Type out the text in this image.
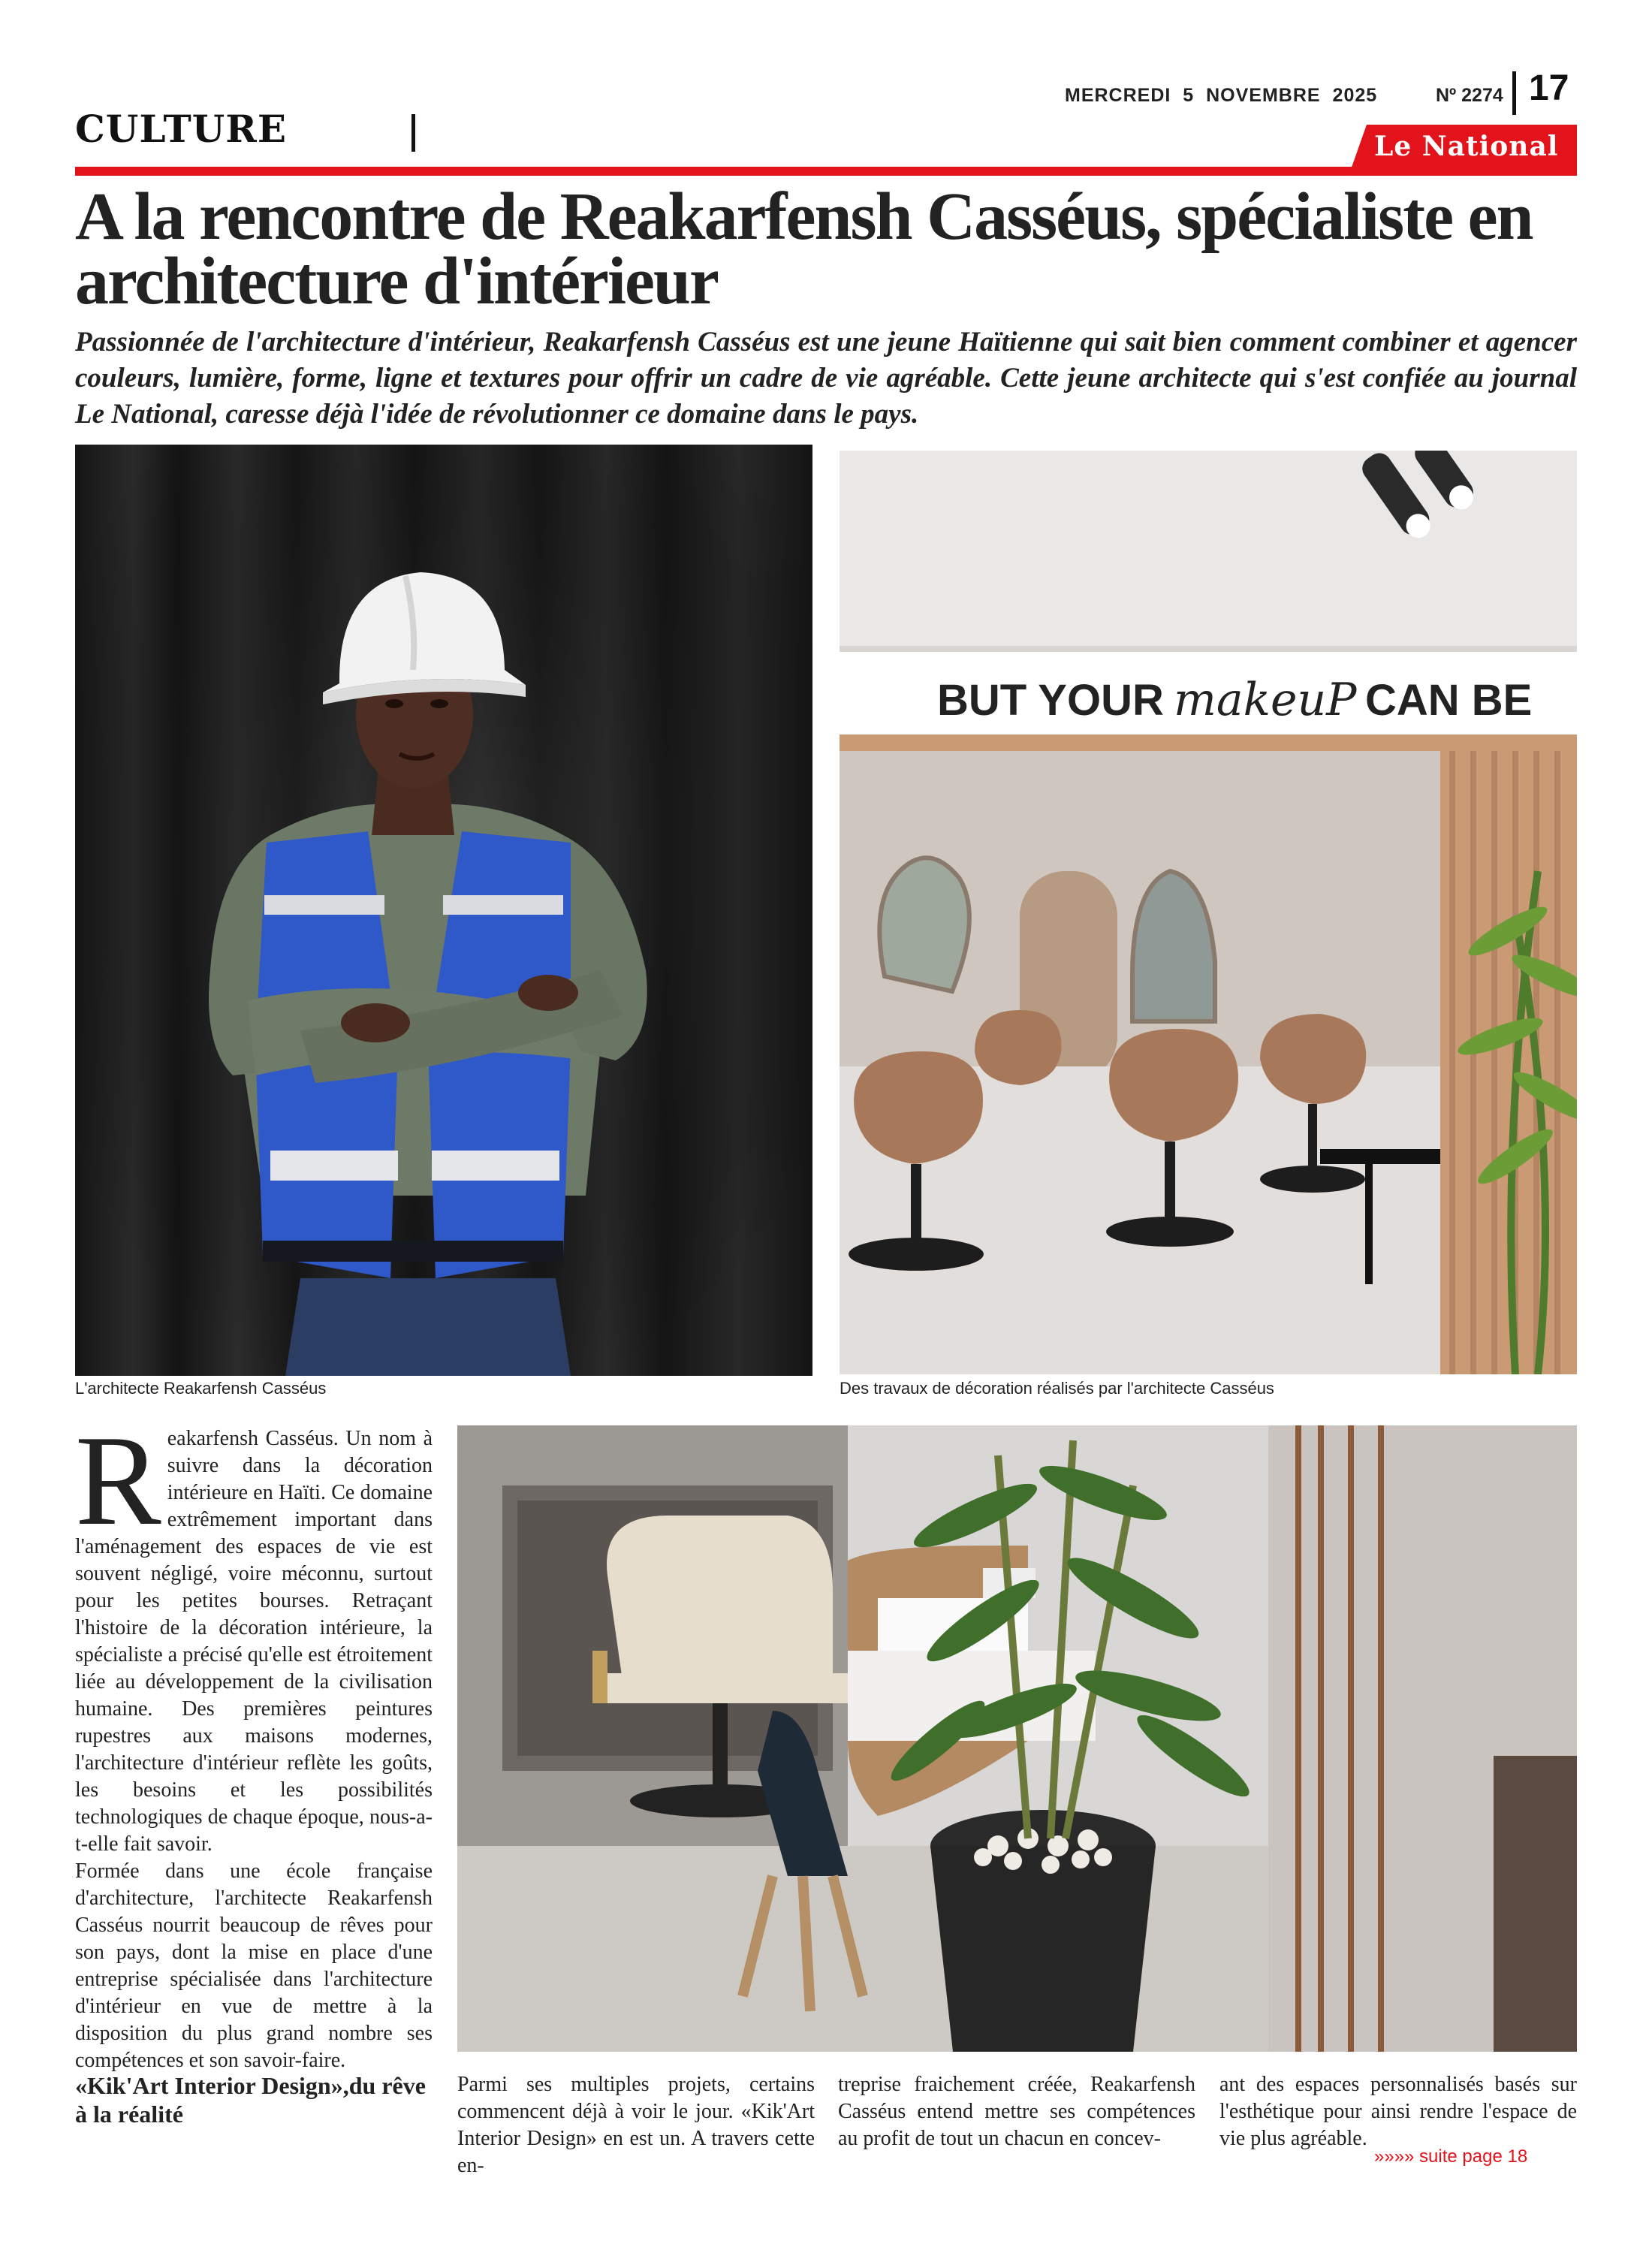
CULTURE
MERCREDI 5 NOVEMBRE 2025	Nº 2274 17
Le National
A la rencontre de Reakarfensh Casséus, spécialiste en architecture d'intérieur

Passionnée de l'architecture d'intérieur, Reakarfensh Casséus est une jeune Haïtienne qui sait bien comment combiner et agencer couleurs, lumière, forme, ligne et textures pour offrir un cadre de vie agréable. Cette jeune architecte qui s'est confiée au journal Le National, caresse déjà l'idée de révolutionner ce domaine dans le pays.

L'architecte Reakarfensh Casséus
BUT YOUR makeuP CAN BE
Des travaux de décoration réalisés par l'architecte Casséus

Reakarfensh Casséus. Un nom à suivre dans la décoration intérieure en Haïti. Ce domaine extrêmement important dans l'aménagement des espaces de vie est souvent négligé, voire méconnu, surtout pour les petites bourses. Retraçant l'histoire de la décoration intérieure, la spécialiste a précisé qu'elle est étroitement liée au développement de la civilisation humaine. Des premières peintures rupestres aux maisons modernes, l'architecture d'intérieur reflète les goûts, les besoins et les possibilités technologiques de chaque époque, nous-a-t-elle fait savoir.

Formée dans une école française d'architecture, l'architecte Reakarfensh Casséus nourrit beaucoup de rêves pour son pays, dont la mise en place d'une entreprise spécialisée dans l'architecture d'intérieur en vue de mettre à la disposition du plus grand nombre ses compétences et son savoir-faire.

«Kik'Art Interior Design»,du rêve à la réalité

Parmi ses multiples projets, certains commencent déjà à voir le jour. «Kik'Art Interior Design» en est un. A travers cette en-

treprise fraichement créée, Reakarfensh Casséus entend mettre ses compétences au profit de tout un chacun en concev-

ant des espaces personnalisés basés sur l'esthétique pour ainsi rendre l'espace de vie plus agréable.

»»»» suite page 18
